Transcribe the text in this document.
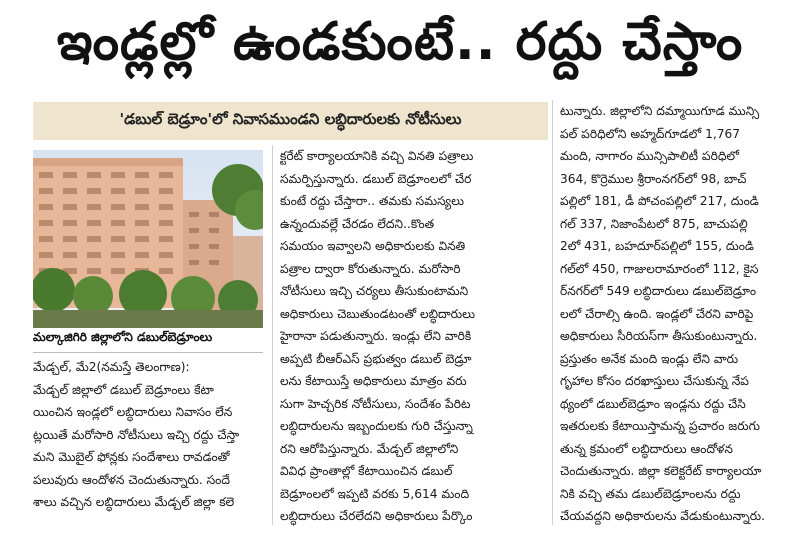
ఇండ్లల్లో ఉండకుంటే.. రద్దు చేస్తాం
'డబుల్ బెడ్రూం'లో నివాసముండని లబ్ధిదారులకు నోటీసులు
మల్కాజిగిరి జిల్లాలోని డబుల్‌బెడ్రూంలు
మేడ్చల్, మే2(నమస్తే తెలంగాణ):
మేడ్చల్ జిల్లాలో డబుల్ బెడ్రూంలు కేటా
యించిన ఇండ్లలో లబ్ధిదారులు నివాసం లేన
ట్లయితే మరోసారి నోటీసులు ఇచ్చి రద్దు చేస్తా
మని మొబైల్ ఫోన్లకు సందేశాలు రావడంతో
పలువురు ఆందోళన చెందుతున్నారు. సందే
శాలు వచ్చిన లబ్ధిదారులు మేడ్చల్ జిల్లా కలె
క్టరేట్ కార్యాలయానికి వచ్చి వినతి పత్రాలు
సమర్పిస్తున్నారు. డబుల్ బెడ్రూంలలో చేర
కుంటే రద్దు చేస్తారా.. తమకు సమస్యలు
ఉన్నందువల్లే చేరడం లేదని..కొంత
సమయం ఇవ్వాలని అధికారులకు వినతి
పత్రాల ద్వారా కోరుతున్నారు. మరోసారి
నోటీసులు ఇచ్చి చర్యలు తీసుకుంటామని
అధికారులు చెబుతుండటంతో లబ్ధిదారులు
హైరానా పడుతున్నారు. ఇండ్లు లేని వారికి
అప్పటి బీఆర్ఎస్ ప్రభుత్వం డబుల్ బెడ్రూ
లను కేటాయిస్తే అధికారులు మాత్రం వరు
సుగా హెచ్చరిక నోటీసులు, సందేశం పేరిట
లబ్ధిదారులను ఇబ్బందులకు గురి చేస్తున్నా
రని ఆరోపిస్తున్నారు. మేడ్చల్ జిల్లాలోని
వివిధ ప్రాంతాల్లో కేటాయించిన డబుల్
బెడ్రూంలలో ఇప్పటి వరకు 5,614 మంది
లబ్ధిదారులు చేరలేదని అధికారులు పేర్కొం
టున్నారు. జిల్లాలోని దమ్మాయిగూడ మున్సి
పల్ పరిధిలోని అహ్మద్‌గూడలో 1,767
మంది, నాగారం మున్సిపాలిటీ పరిధిలో
364, కొర్రెముల శ్రీరాంనగర్‌లో 98, బాచ్
పల్లిలో 181, డీ పోచంపల్లిలో 217, దుండి
గల్ 337, నిజాంపేటలో 875, బాచుపల్లి
2లో 431, బహదూర్‌పల్లిలో 155, దుండి
గల్‌లో 450, గాజులరామారంలో 112, కైస
ర్‌నగర్‌లో 549 లబ్ధిదారులు డబుల్‌బెడ్రూం
లలో చేరాల్సి ఉంది. ఇండ్లలో చేరని వారిపై
అధికారులు సీరియస్‌గా తీసుకుంటున్నారు.
ప్రస్తుతం అనేక మంది ఇండ్లు లేని వారు
గృహాల కోసం దరఖాస్తులు చేసుకున్న నేప
థ్యంలో డబుల్‌బెడ్రూం ఇండ్లను రద్దు చేసి
ఇతరులకు కేటాయిస్తామన్న ప్రచారం జరుగు
తున్న క్రమంలో లబ్ధిదారులు ఆందోళన
చెందుతున్నారు. జిల్లా కలెక్టరేట్ కార్యాలయా
నికి వచ్చి తమ డబుల్‌బెడ్రూంలను రద్దు
చేయవద్దని అధికారులను వేడుకుంటున్నారు.
